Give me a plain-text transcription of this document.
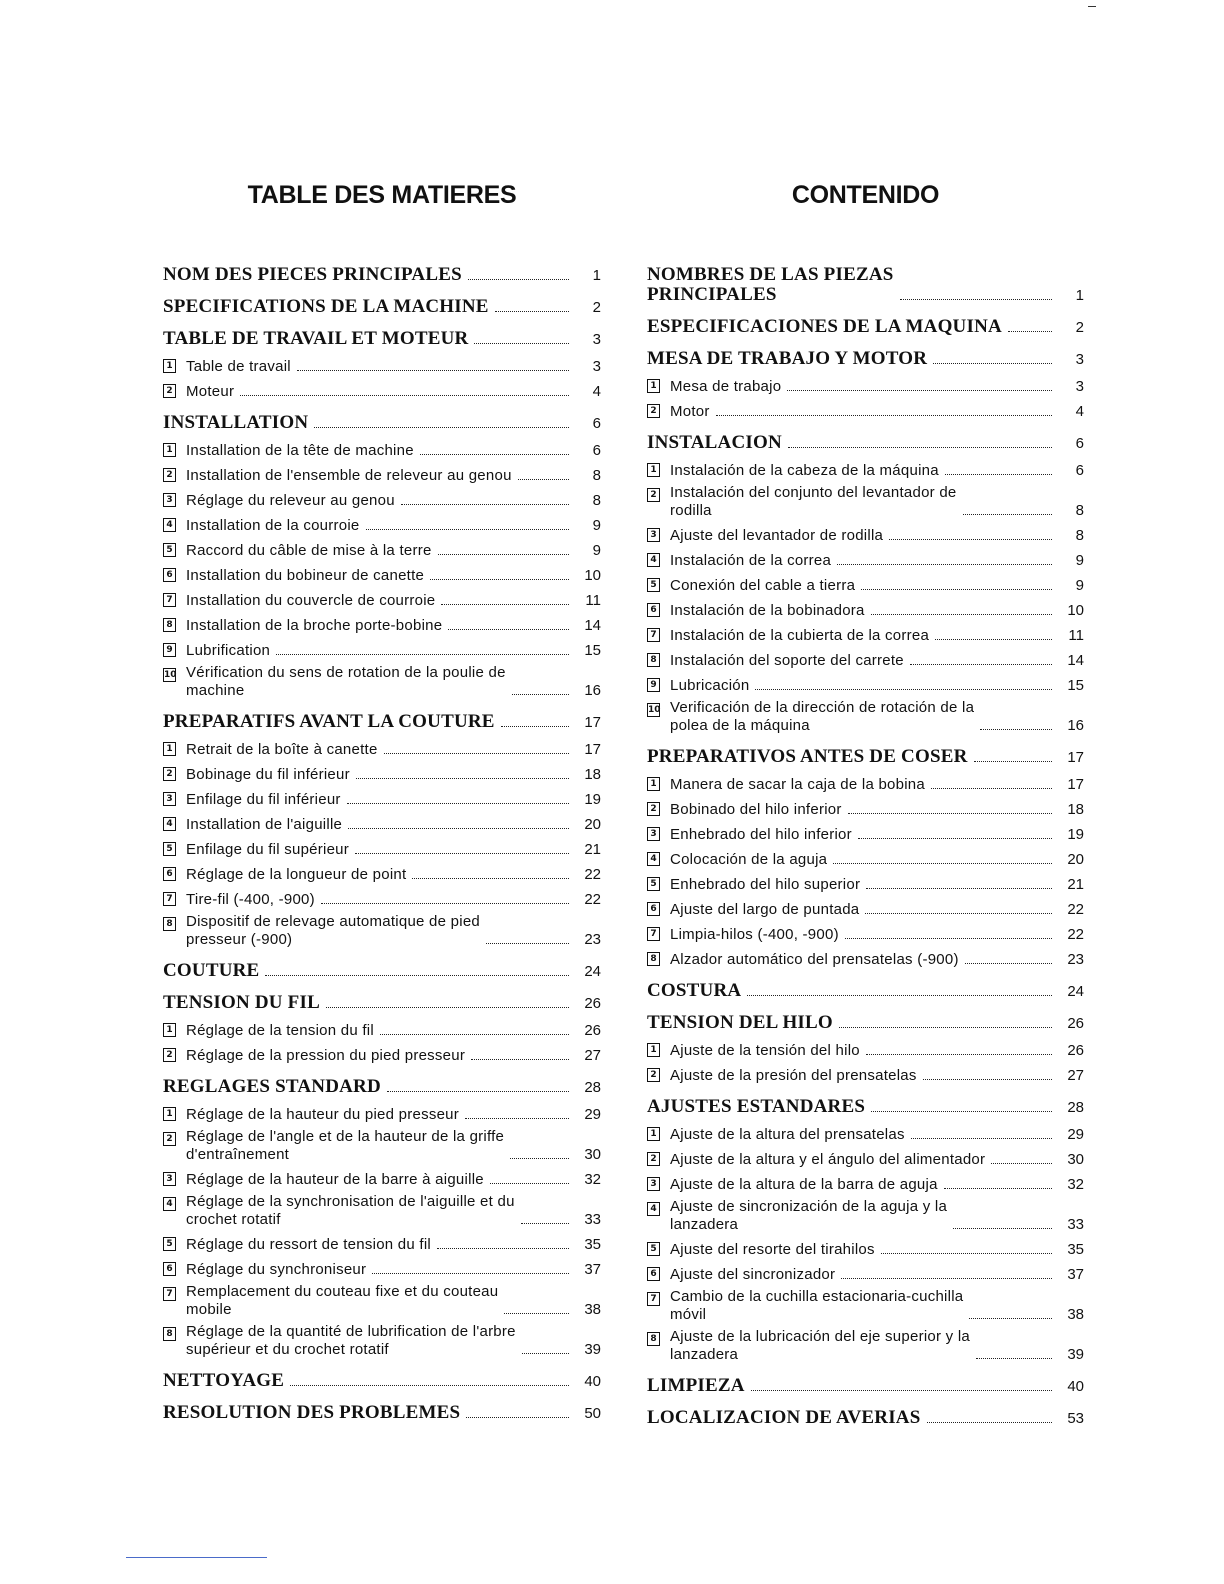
TABLE DES MATIERES
NOM DES PIECES PRINCIPALES	1
SPECIFICATIONS DE LA MACHINE	2
TABLE DE TRAVAIL ET MOTEUR	3
1 Table de travail	3
2 Moteur	4
INSTALLATION	6
1 Installation de la tête de machine	6
2 Installation de l'ensemble de releveur au genou	8
3 Réglage du releveur au genou	8
4 Installation de la courroie	9
5 Raccord du câble de mise à la terre	9
6 Installation du bobineur de canette	10
7 Installation du couvercle de courroie	11
8 Installation de la broche porte-bobine	14
9 Lubrification	15
10 Vérification du sens de rotation de la poulie de
machine	16
PREPARATIFS AVANT LA COUTURE	17
1 Retrait de la boîte à canette	17
2 Bobinage du fil inférieur	18
3 Enfilage du fil inférieur	19
4 Installation de l'aiguille	20
5 Enfilage du fil supérieur	21
6 Réglage de la longueur de point	22
7 Tire-fil (-400, -900)	22
8 Dispositif de relevage automatique de pied
presseur (-900)	23
COUTURE	24
TENSION DU FIL	26
1 Réglage de la tension du fil	26
2 Réglage de la pression du pied presseur	27
REGLAGES STANDARD	28
1 Réglage de la hauteur du pied presseur	29
2 Réglage de l'angle et de la hauteur de la griffe
d'entraînement	30
3 Réglage de la hauteur de la barre à aiguille	32
4 Réglage de la synchronisation de l'aiguille et du
crochet rotatif	33
5 Réglage du ressort de tension du fil	35
6 Réglage du synchroniseur	37
7 Remplacement du couteau fixe et du couteau
mobile	38
8 Réglage de la quantité de lubrification de l'arbre
supérieur et du crochet rotatif	39
NETTOYAGE	40
RESOLUTION DES PROBLEMES	50
CONTENIDO
NOMBRES DE LAS PIEZAS
PRINCIPALES	1
ESPECIFICACIONES DE LA MAQUINA	2
MESA DE TRABAJO Y MOTOR	3
1 Mesa de trabajo	3
2 Motor	4
INSTALACION	6
1 Instalación de la cabeza de la máquina	6
2 Instalación del conjunto del levantador de
rodilla	8
3 Ajuste del levantador de rodilla	8
4 Instalación de la correa	9
5 Conexión del cable a tierra	9
6 Instalación de la bobinadora	10
7 Instalación de la cubierta de la correa	11
8 Instalación del soporte del carrete	14
9 Lubricación	15
10 Verificación de la dirección de rotación de la
polea de la máquina	16
PREPARATIVOS ANTES DE COSER	17
1 Manera de sacar la caja de la bobina	17
2 Bobinado del hilo inferior	18
3 Enhebrado del hilo inferior	19
4 Colocación de la aguja	20
5 Enhebrado del hilo superior	21
6 Ajuste del largo de puntada	22
7 Limpia-hilos (-400, -900)	22
8 Alzador automático del prensatelas (-900)	23
COSTURA	24
TENSION DEL HILO	26
1 Ajuste de la tensión del hilo	26
2 Ajuste de la presión del prensatelas	27
AJUSTES ESTANDARES	28
1 Ajuste de la altura del prensatelas	29
2 Ajuste de la altura y el ángulo del alimentador	30
3 Ajuste de la altura de la barra de aguja	32
4 Ajuste de sincronización de la aguja y la
lanzadera	33
5 Ajuste del resorte del tirahilos	35
6 Ajuste del sincronizador	37
7 Cambio de la cuchilla estacionaria-cuchilla
móvil	38
8 Ajuste de la lubricación del eje superior y la
lanzadera	39
LIMPIEZA	40
LOCALIZACION DE AVERIAS	53
